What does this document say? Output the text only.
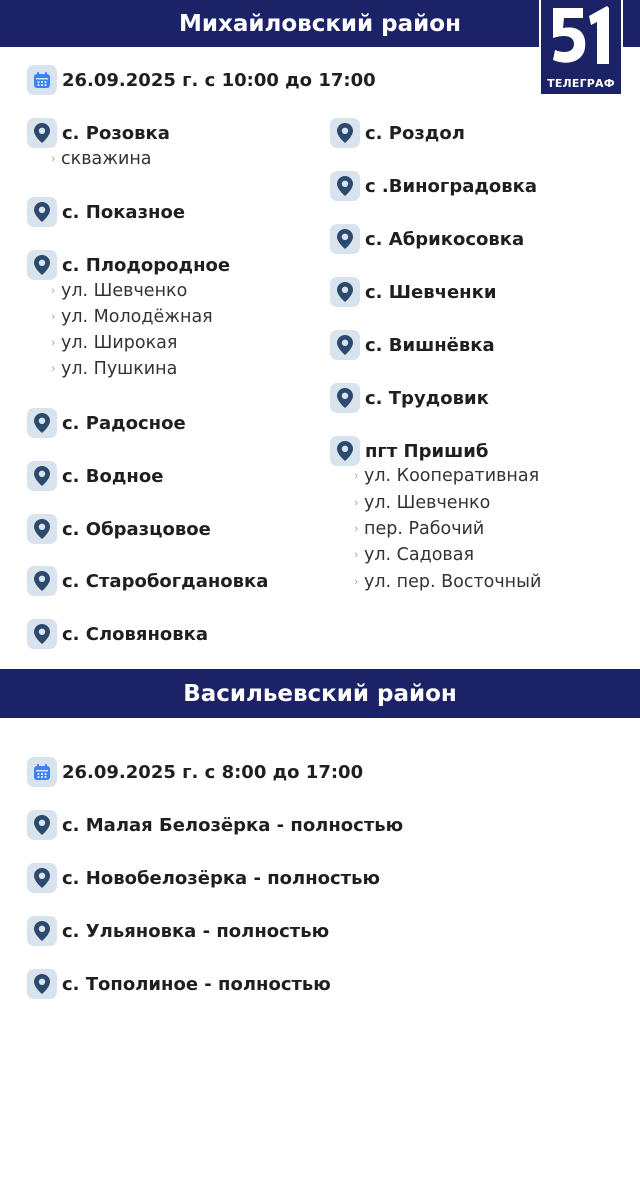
Михайловский район
ТЕЛЕГРАФ
26.09.2025 г. с 10:00 до 17:00
с. Розовка
› скважина
с. Показное
с. Плодородное
› ул. Шевченко
› ул. Молодёжная
› ул. Широкая
› ул. Пушкина
с. Радосное
с. Водное
с. Образцовое
с. Старобогдановка
с. Словяновка
с. Роздол
с .Виноградовка
с. Абрикосовка
с. Шевченки
с. Вишнёвка
с. Трудовик
пгт Пришиб
› ул. Кооперативная
› ул. Шевченко
› пер. Рабочий
› ул. Садовая
› ул. пер. Восточный
Васильевский район
26.09.2025 г. с 8:00 до 17:00
с. Малая Белозёрка - полностью
с. Новобелозёрка - полностью
с. Ульяновка - полностью
с. Тополиное - полностью
